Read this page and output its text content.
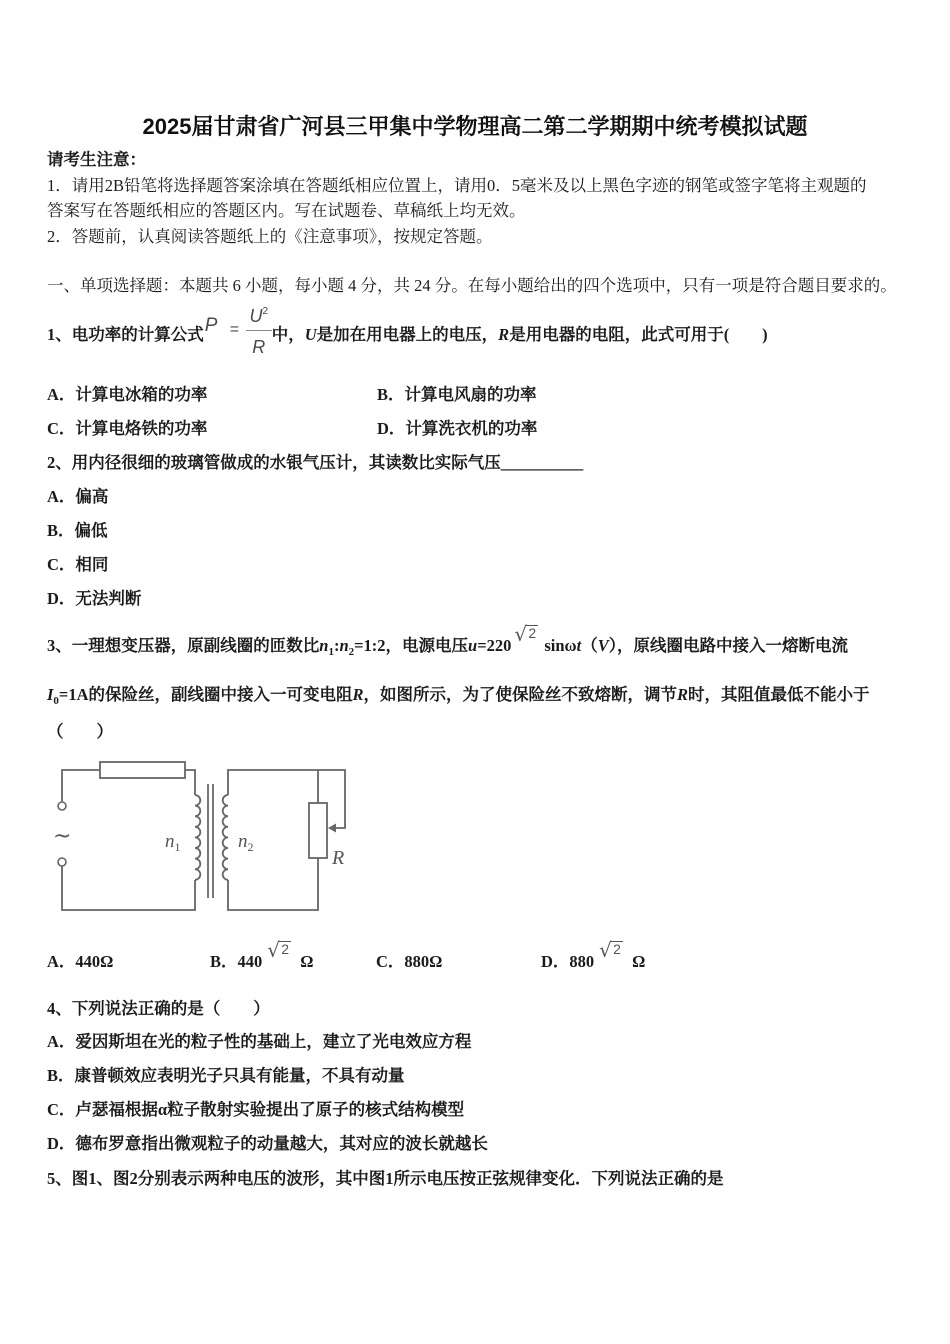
2025届甘肃省广河县三甲集中学物理高二第二学期期中统考模拟试题
请考生注意：
1．请用2B铅笔将选择题答案涂填在答题纸相应位置上，请用0．5毫米及以上黑色字迹的钢笔或签字笔将主观题的
答案写在答题纸相应的答题区内。写在试题卷、草稿纸上均无效。
2．答题前，认真阅读答题纸上的《注意事项》，按规定答题。
一、单项选择题：本题共 6 小题，每小题 4 分，共 24 分。在每小题给出的四个选项中，只有一项是符合题目要求的。
1、电功率的计算公式 $P = \frac{U^2}{R}$ 中，U是加在用电器上的电压，R是用电器的电阻，此式可用于(　　)
A．计算电冰箱的功率	B．计算电风扇的功率
C．计算电烙铁的功率	D．计算洗衣机的功率
2、用内径很细的玻璃管做成的水银气压计，其读数比实际气压__________
A．偏高
B．偏低
C．相同
D．无法判断
3、一理想变压器，原副线圈的匝数比$n_1:n_2=1:2$，电源电压u=220 √ 2
sinωt（V），原线圈电路中接入一熔断电流
$I_0=1A$的保险丝，副线圈中接入一可变电阻R，如图所示，为了使保险丝不致熔断，调节R时，其阻值最低不能小于
（　　）
~	$n_1$	$n_2$	R
A．440Ω	B．440 √ 2
Ω	C．880Ω	D．880 √ 2
Ω
4、下列说法正确的是（　　）
A．爱因斯坦在光的粒子性的基础上，建立了光电效应方程
B．康普顿效应表明光子只具有能量，不具有动量
C．卢瑟福根据α粒子散射实验提出了原子的核式结构模型
D．德布罗意指出微观粒子的动量越大，其对应的波长就越长
5、图1、图2分别表示两种电压的波形，其中图1所示电压按正弦规律变化．下列说法正确的是
